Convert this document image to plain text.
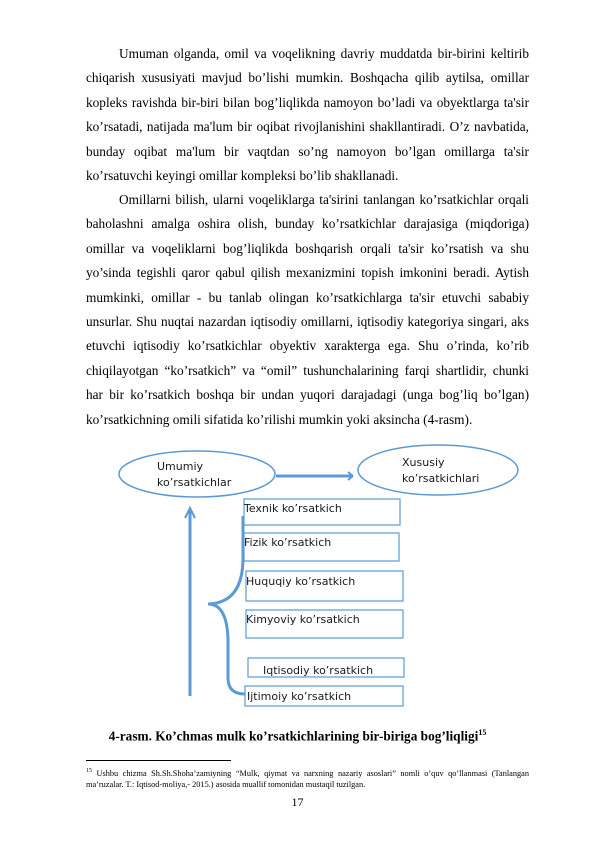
Umuman olganda, omil va voqelikning davriy muddatda bir-birini keltirib chiqarish xususiyati mavjud bo’lishi mumkin. Boshqacha qilib aytilsa, omillar kopleks ravishda bir-biri bilan bog’liqlikda namoyon bo’ladi va obyektlarga ta'sir ko’rsatadi, natijada ma'lum bir oqibat rivojlanishini shakllantiradi. O’z navbatida, bunday oqibat ma'lum bir vaqtdan so’ng namoyon bo’lgan omillarga ta'sir ko’rsatuvchi keyingi omillar kompleksi bo’lib shakllanadi.

Omillarni bilish, ularni voqeliklarga ta'sirini tanlangan ko’rsatkichlar orqali baholashni amalga oshira olish, bunday ko’rsatkichlar darajasiga (miqdoriga) omillar va voqeliklarni bog’liqlikda boshqarish orqali ta'sir ko’rsatish va shu yo’sinda tegishli qaror qabul qilish mexanizmini topish imkonini beradi. Aytish mumkinki, omillar - bu tanlab olingan ko’rsatkichlarga ta'sir etuvchi sababiy unsurlar. Shu nuqtai nazardan iqtisodiy omillarni, iqtisodiy kategoriya singari, aks etuvchi iqtisodiy ko’rsatkichlar obyektiv xarakterga ega. Shu o’rinda, ko’rib chiqilayotgan “ko’rsatkich” va “omil” tushunchalarining farqi shartlidir, chunki har bir ko’rsatkich boshqa bir undan yuqori darajadagi (unga bog’liq bo’lgan) ko’rsatkichning omili sifatida ko’rilishi mumkin yoki aksincha (4-rasm).

Umumiy
ko’rsatkichlar
Xususiy
ko’rsatkichlari
Texnik ko’rsatkich
Fizik ko’rsatkich
Huquqiy ko’rsatkich
Kimyoviy ko’rsatkich
Iqtisodiy ko’rsatkich
Ijtimoiy ko’rsatkich
4-rasm. Ko’chmas mulk ko’rsatkichlarining bir-biriga bog’liqligi$^{15}$

$^{15}$ Ushbu chizma Sh.Sh.Shoha’zamiyning “Mulk, qiymat va narxning nazariy asoslari” nomli o’quv qo’llanmasi (Tanlangan ma’ruzalar. T.: Iqtisod-moliya,- 2015.) asosida muallif tomonidan mustaqil tuzilgan.

17
